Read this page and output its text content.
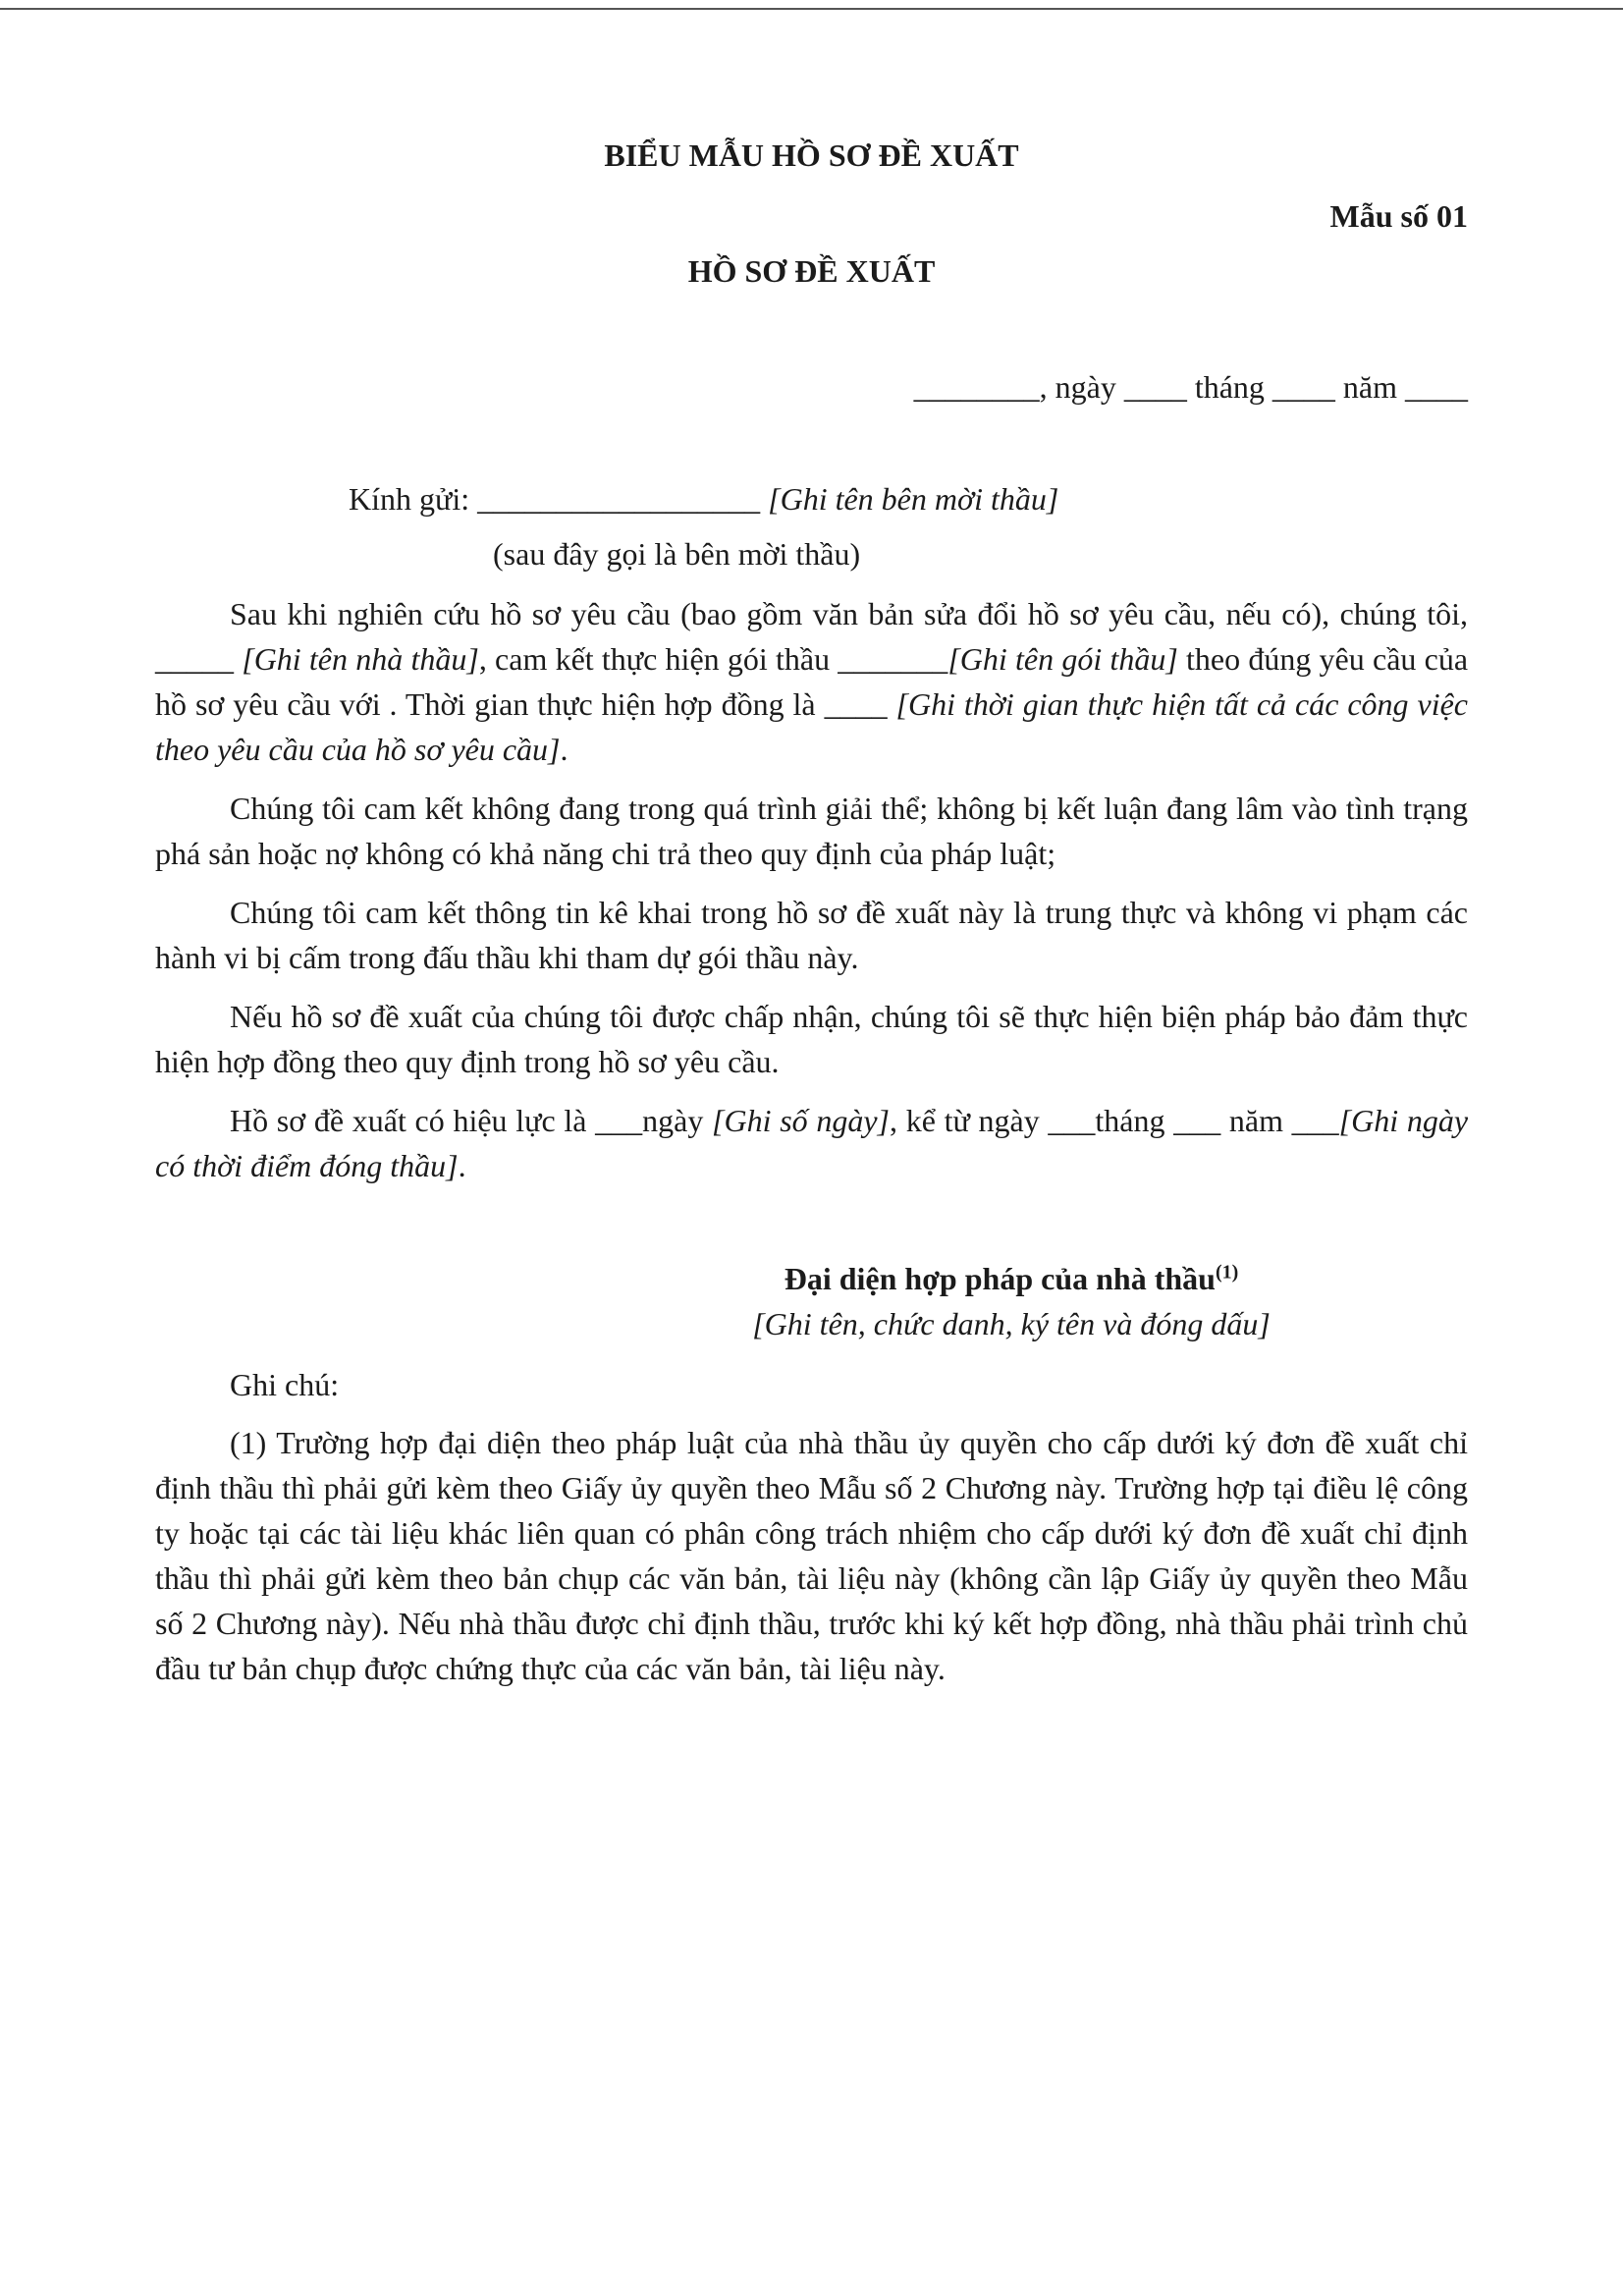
BIỂU MẪU HỒ SƠ ĐỀ XUẤT
Mẫu số 01
HỒ SƠ ĐỀ XUẤT
________, ngày ____ tháng ____ năm ____
Kính gửi: __________________ [Ghi tên bên mời thầu]
(sau đây gọi là bên mời thầu)

Sau khi nghiên cứu hồ sơ yêu cầu (bao gồm văn bản sửa đổi hồ sơ yêu cầu, nếu có), chúng tôi, _____ [Ghi tên nhà thầu], cam kết thực hiện gói thầu _______[Ghi tên gói thầu] theo đúng yêu cầu của hồ sơ yêu cầu với . Thời gian thực hiện hợp đồng là ____ [Ghi thời gian thực hiện tất cả các công việc theo yêu cầu của hồ sơ yêu cầu].

Chúng tôi cam kết không đang trong quá trình giải thể; không bị kết luận đang lâm vào tình trạng phá sản hoặc nợ không có khả năng chi trả theo quy định của pháp luật;

Chúng tôi cam kết thông tin kê khai trong hồ sơ đề xuất này là trung thực và không vi phạm các hành vi bị cấm trong đấu thầu khi tham dự gói thầu này.

Nếu hồ sơ đề xuất của chúng tôi được chấp nhận, chúng tôi sẽ thực hiện biện pháp bảo đảm thực hiện hợp đồng theo quy định trong hồ sơ yêu cầu.

Hồ sơ đề xuất có hiệu lực là ___ngày [Ghi số ngày], kể từ ngày ___tháng ___ năm ___[Ghi ngày có thời điểm đóng thầu].

Đại diện hợp pháp của nhà thầu$^{(1)}$
[Ghi tên, chức danh, ký tên và đóng dấu]
Ghi chú:

(1) Trường hợp đại diện theo pháp luật của nhà thầu ủy quyền cho cấp dưới ký đơn đề xuất chỉ định thầu thì phải gửi kèm theo Giấy ủy quyền theo Mẫu số 2 Chương này. Trường hợp tại điều lệ công ty hoặc tại các tài liệu khác liên quan có phân công trách nhiệm cho cấp dưới ký đơn đề xuất chỉ định thầu thì phải gửi kèm theo bản chụp các văn bản, tài liệu này (không cần lập Giấy ủy quyền theo Mẫu số 2 Chương này). Nếu nhà thầu được chỉ định thầu, trước khi ký kết hợp đồng, nhà thầu phải trình chủ đầu tư bản chụp được chứng thực của các văn bản, tài liệu này.
